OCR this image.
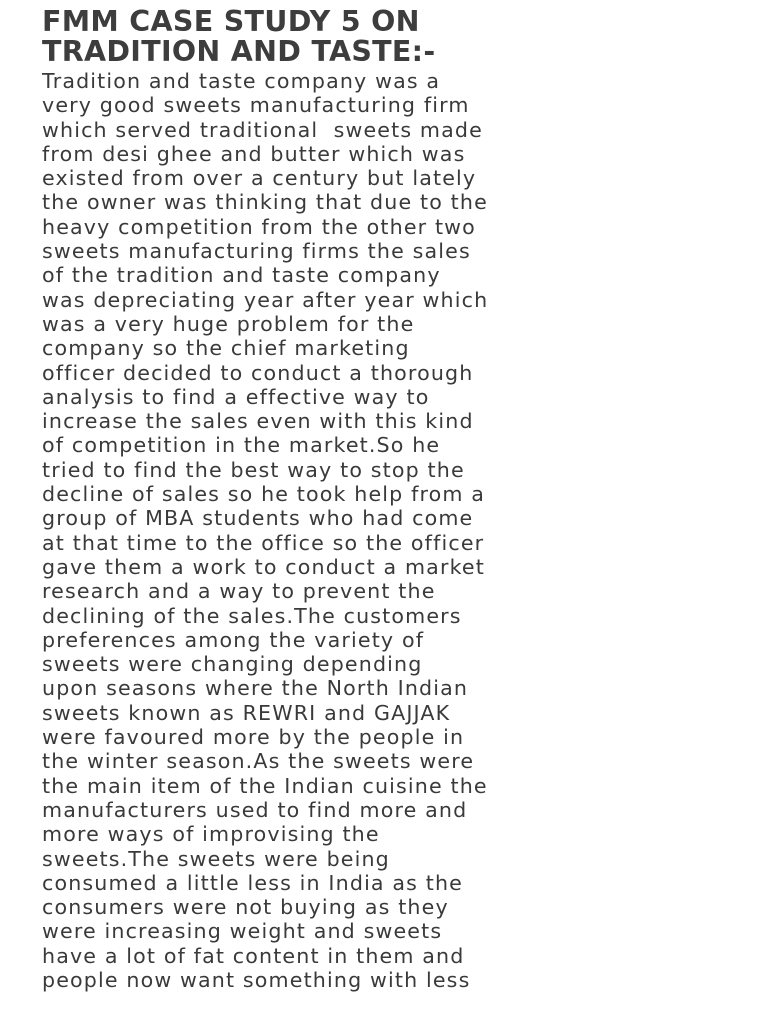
FMM CASE STUDY 5 ON
TRADITION AND TASTE:-
Tradition and taste company was a
very good sweets manufacturing firm
which served traditional  sweets made
from desi ghee and butter which was
existed from over a century but lately
the owner was thinking that due to the
heavy competition from the other two
sweets manufacturing firms the sales
of the tradition and taste company
was depreciating year after year which
was a very huge problem for the
company so the chief marketing
officer decided to conduct a thorough
analysis to find a effective way to
increase the sales even with this kind
of competition in the market.So he
tried to find the best way to stop the
decline of sales so he took help from a
group of MBA students who had come
at that time to the office so the officer
gave them a work to conduct a market
research and a way to prevent the
declining of the sales.The customers
preferences among the variety of
sweets were changing depending
upon seasons where the North Indian
sweets known as REWRI and GAJJAK
were favoured more by the people in
the winter season.As the sweets were
the main item of the Indian cuisine the
manufacturers used to find more and
more ways of improvising the
sweets.The sweets were being
consumed a little less in India as the
consumers were not buying as they
were increasing weight and sweets
have a lot of fat content in them and
people now want something with less
